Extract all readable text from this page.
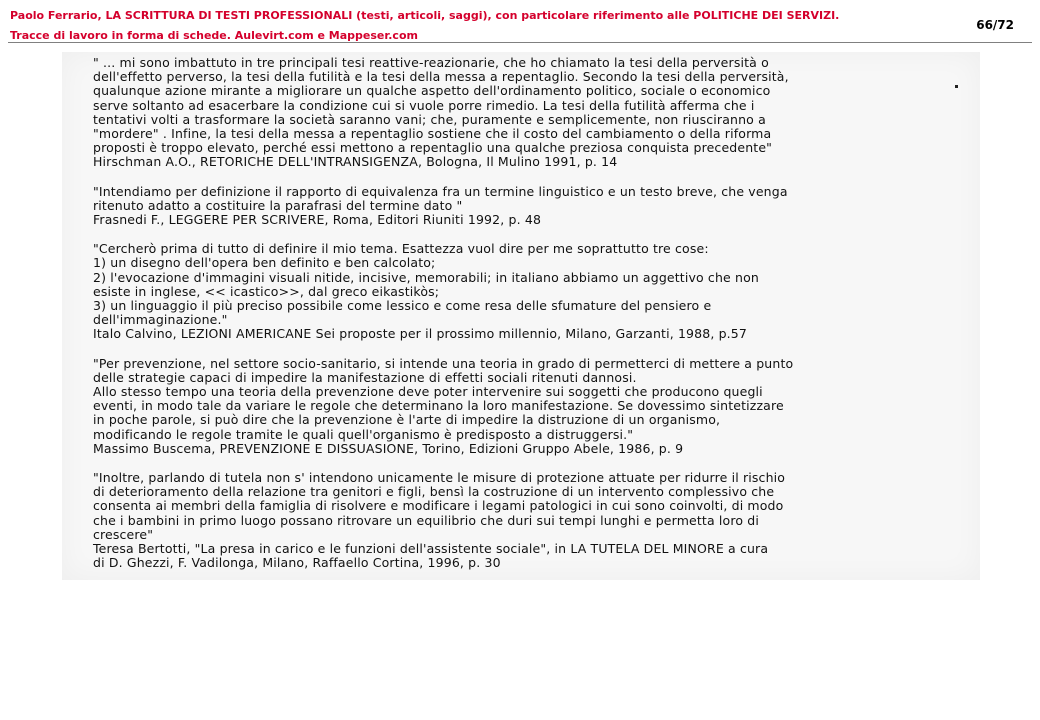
Paolo Ferrario, LA SCRITTURA DI TESTI PROFESSIONALI (testi, articoli, saggi), con particolare riferimento alle POLITICHE DEI SERVIZI.
Tracce di lavoro in forma di schede. Aulevirt.com e Mappeser.com
66/72
" ... mi sono imbattuto in tre principali tesi reattive-reazionarie, che ho chiamato la tesi della perversità o
dell'effetto perverso, la tesi della futilità e la tesi della messa a repentaglio. Secondo la tesi della perversità,
qualunque azione mirante a migliorare un qualche aspetto dell'ordinamento politico, sociale o economico
serve soltanto ad esacerbare la condizione cui si vuole porre rimedio. La tesi della futilità afferma che i
tentativi volti a trasformare la società saranno vani; che, puramente e semplicemente, non riusciranno a
"mordere" . Infine, la tesi della messa a repentaglio sostiene che il costo del cambiamento o della riforma
proposti è troppo elevato, perché essi mettono a repentaglio una qualche preziosa conquista precedente"
Hirschman A.O., RETORICHE DELL'INTRANSIGENZA, Bologna, Il Mulino 1991, p. 14
"Intendiamo per definizione il rapporto di equivalenza fra un termine linguistico e un testo breve, che venga
ritenuto adatto a costituire la parafrasi del termine dato "
Frasnedi F., LEGGERE PER SCRIVERE, Roma, Editori Riuniti 1992, p. 48
"Cercherò prima di tutto di definire il mio tema. Esattezza vuol dire per me soprattutto tre cose:
1) un disegno dell'opera ben definito e ben calcolato;
2) l'evocazione d'immagini visuali nitide, incisive, memorabili; in italiano abbiamo un aggettivo che non
esiste in inglese, << icastico>>, dal greco eikastikòs;
3) un linguaggio il più preciso possibile come lessico e come resa delle sfumature del pensiero e
dell'immaginazione."
Italo Calvino, LEZIONI AMERICANE Sei proposte per il prossimo millennio, Milano, Garzanti, 1988, p.57
"Per prevenzione, nel settore socio-sanitario, si intende una teoria in grado di permetterci di mettere a punto
delle strategie capaci di impedire la manifestazione di effetti sociali ritenuti dannosi.
Allo stesso tempo una teoria della prevenzione deve poter intervenire sui soggetti che producono quegli
eventi, in modo tale da variare le regole che determinano la loro manifestazione. Se dovessimo sintetizzare
in poche parole, si può dire che la prevenzione è l'arte di impedire la distruzione di un organismo,
modificando le regole tramite le quali quell'organismo è predisposto a distruggersi."
Massimo Buscema, PREVENZIONE E DISSUASIONE, Torino, Edizioni Gruppo Abele, 1986, p. 9
"Inoltre, parlando di tutela non s' intendono unicamente le misure di protezione attuate per ridurre il rischio
di deterioramento della relazione tra genitori e figli, bensì la costruzione di un intervento complessivo che
consenta ai membri della famiglia di risolvere e modificare i legami patologici in cui sono coinvolti, di modo
che i bambini in primo luogo possano ritrovare un equilibrio che duri sui tempi lunghi e permetta loro di
crescere"
Teresa Bertotti, "La presa in carico e le funzioni dell'assistente sociale", in LA TUTELA DEL MINORE a cura
di D. Ghezzi, F. Vadilonga, Milano, Raffaello Cortina, 1996, p. 30
